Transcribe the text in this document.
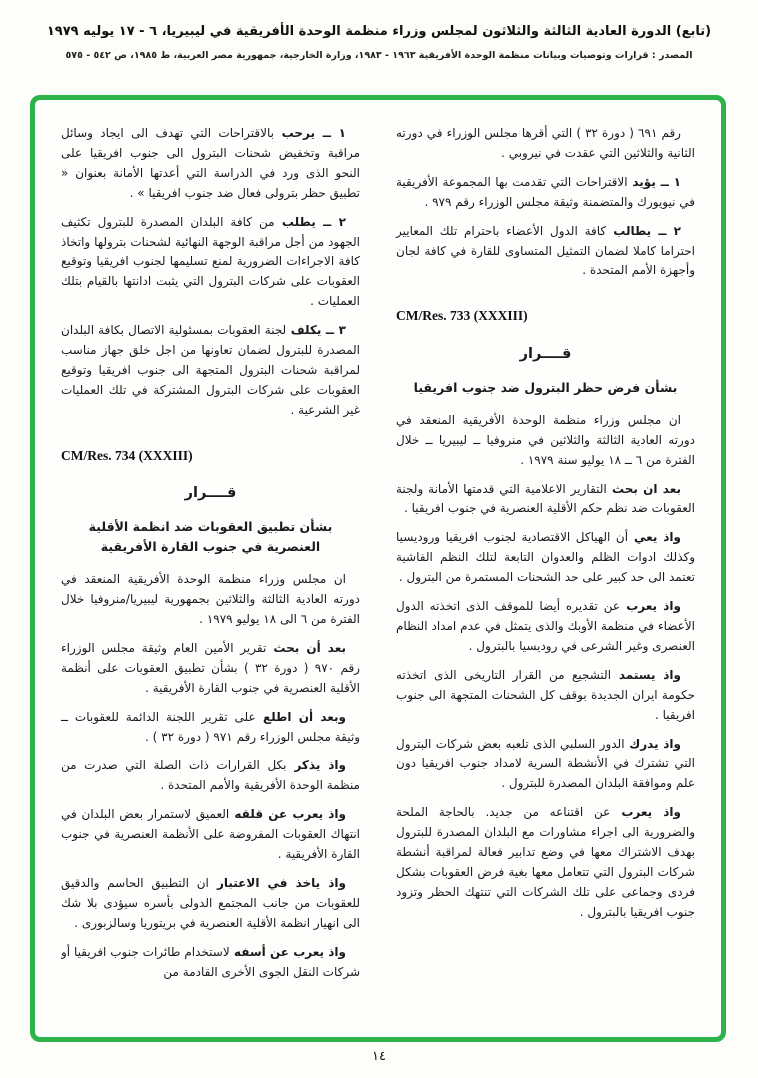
(تابع) الدورة العادية الثالثة والثلاثون لمجلس وزراء منظمة الوحدة الأفريقية في ليبيريا، ٦ - ١٧ يوليه ١٩٧٩
المصدر : قرارات وتوصيات وبيانات منظمة الوحدة الأفريقية ١٩٦٣ - ١٩٨٣، وزارة الخارجية، جمهورية مصر العربية، ط ١٩٨٥، ص ٥٤٢ - ٥٧٥

رقم ٦٩١ ( دورة ٣٢ ) التي أقرها مجلس الوزراء في دورته الثانية والثلاثين التي عقدت في نيروبي .

١ ــ يؤيد الاقتراحات التي تقدمت بها المجموعة الأفريقية في نيويورك والمتضمنة وثيقة مجلس الوزراء رقم ٩٧٩ .

٢ ــ يطالب كافة الدول الأعضاء باحترام تلك المعايير احتراما كاملا لضمان التمثيل المتساوى للقارة في كافة لجان وأجهزة الأمم المتحدة .

CM/Res. 733 (XXXIII)
قــــرار
بشأن فرض حظر البترول ضد جنوب افريقيا

ان مجلس وزراء منظمة الوحدة الأفريقية المنعقد في دورته العادية الثالثة والثلاثين في منروفيا ــ ليبيريا ــ خلال الفترة من ٦ ــ ١٨ يوليو سنة ١٩٧٩ .

بعد ان بحث التقارير الاعلامية التي قدمتها الأمانة ولجنة العقوبات ضد نظم حكم الأقلية العنصرية في جنوب افريقيا .

واذ يعي أن الهياكل الاقتصادية لجنوب افريقيا وروديسيا وكذلك ادوات الظلم والعدوان التابعة لتلك النظم الفاشية تعتمد الى حد كبير على حد الشحنات المستمرة من البترول .

واذ يعرب عن تقديره أيضا للموقف الذى اتخذته الدول الأعضاء في منظمة الأوبك والذى يتمثل في عدم امداد النظام العنصرى وغير الشرعى في روديسيا بالبترول .

واذ يستمد التشجيع من القرار التاريخى الذى اتخذته حكومة ايران الجديدة بوقف كل الشحنات المتجهة الى جنوب افريقيا .

واذ يدرك الدور السلبي الذى تلعبه بعض شركات البترول التي تشترك في الأنشطة السرية لامداد جنوب افريقيا دون علم وموافقة البلدان المصدرة للبترول .

واذ يعرب عن اقتناعه من جديد. بالحاجة الملحة والضرورية الى اجراء مشاورات مع البلدان المصدرة للبترول بهدف الاشتراك معها في وضع تدابير فعالة لمراقبة أنشطة شركات البترول التي تتعامل معها بغية فرض العقوبات بشكل فردى وجماعى على تلك الشركات التي تنتهك الحظر وتزود جنوب افريقيا بالبترول .

١ ــ يرحب بالاقتراحات التي تهدف الى ايجاد وسائل مراقبة وتخفيض شحنات البترول الى جنوب افريقيا على النحو الذى ورد في الدراسة التي أعدتها الأمانة بعنوان « تطبيق حظر بترولى فعال ضد جنوب افريقيا » .

٢ ــ يطلب من كافة البلدان المصدرة للبترول تكثيف الجهود من أجل مراقبة الوجهة النهائية لشحنات بترولها واتخاذ كافة الاجراءات الضرورية لمنع تسليمها لجنوب افريقيا وتوقيع العقوبات على شركات البترول التي يثبت ادانتها بالقيام بتلك العمليات .

٣ ــ يكلف لجنة العقوبات بمسئولية الاتصال بكافة البلدان المصدرة للبترول لضمان تعاونها من اجل خلق جهاز مناسب لمراقبة شحنات البترول المتجهة الى جنوب افريقيا وتوقيع العقوبات على شركات البترول المشتركة في تلك العمليات غير الشرعية .

CM/Res. 734 (XXXIII)
قــــرار
بشأن تطبيق العقوبات ضد انظمة الأقلية العنصرية في جنوب القارة الأفريقية

ان مجلس وزراء منظمة الوحدة الأفريقية المنعقد في دورته العادية الثالثة والثلاثين بجمهورية ليبيريا/منروفيا خلال الفترة من ٦ الى ١٨ يوليو ١٩٧٩ .

بعد أن بحث تقرير الأمين العام وثيقة مجلس الوزراء رقم ٩٧٠ ( دورة ٣٢ ) بشأن تطبيق العقوبات على أنظمة الأقلية العنصرية في جنوب القارة الأفريقية .

وبعد أن اطلع على تقرير اللجنة الدائمة للعقوبات ــ وثيقة مجلس الوزراء رقم ٩٧١ ( دورة ٣٢ ) .

واذ يذكر بكل القرارات ذات الصلة التي صدرت من منظمة الوحدة الأفريقية والأمم المتحدة .

واذ يعرب عن قلقه العميق لاستمرار بعض البلدان في انتهاك العقوبات المفروضة على الأنظمة العنصرية في جنوب القارة الأفريقية .

واذ ياخذ في الاعتبار ان التطبيق الحاسم والدقيق للعقوبات من جانب المجتمع الدولى بأسره سيؤدى بلا شك الى انهيار انظمة الأقلية العنصرية في بريتوريا وسالزبورى .

واذ يعرب عن أسفه لاستخدام طائرات جنوب افريقيا أو شركات النقل الجوى الأخرى القادمة من

١٤
